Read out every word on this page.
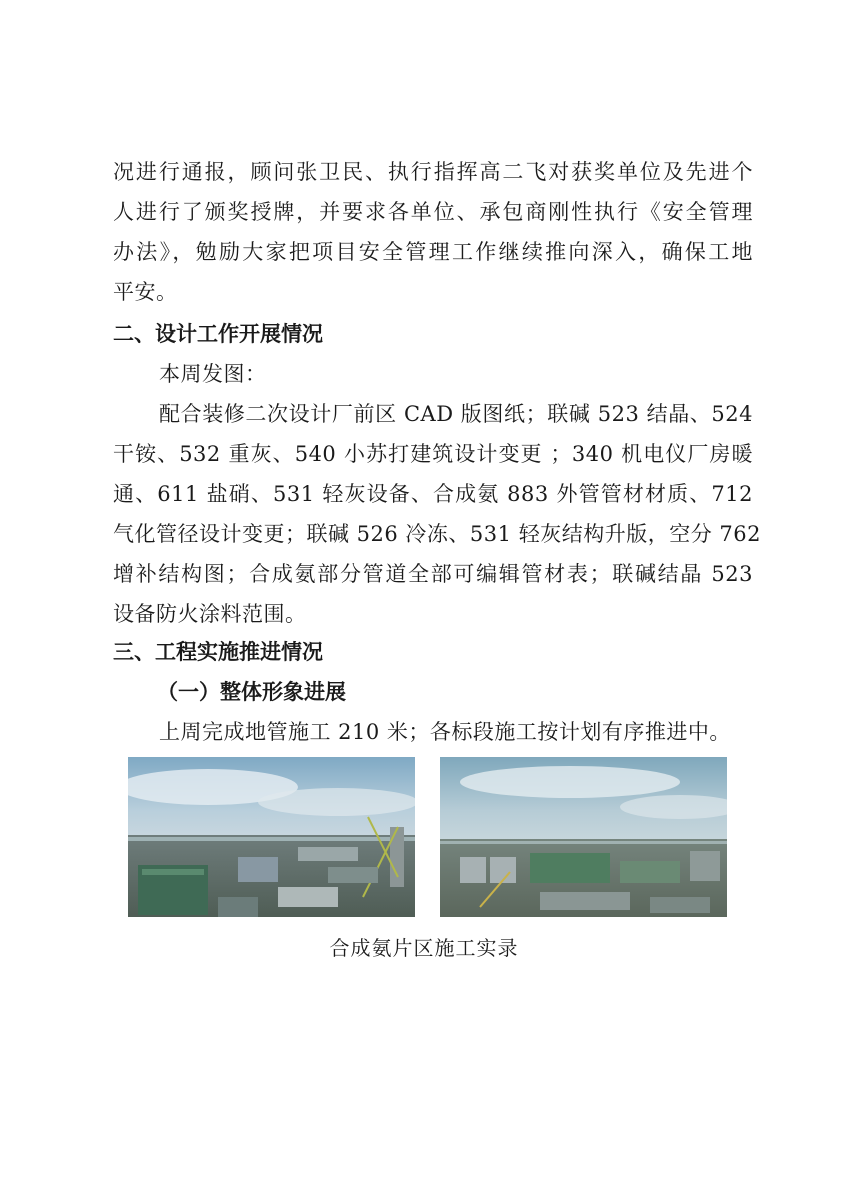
况进行通报，顾问张卫民、执行指挥高二飞对获奖单位及先进个
人进行了颁奖授牌，并要求各单位、承包商刚性执行《安全管理
办法》，勉励大家把项目安全管理工作继续推向深入，确保工地
平安。
二、设计工作开展情况
本周发图：
配合装修二次设计厂前区 CAD 版图纸；联碱 523 结晶、524
干铵、532 重灰、540 小苏打建筑设计变更 ；340 机电仪厂房暖
通、611 盐硝、531 轻灰设备、合成氨 883 外管管材材质、712
气化管径设计变更；联碱 526 冷冻、531 轻灰结构升版，空分 762
增补结构图；合成氨部分管道全部可编辑管材表；联碱结晶 523
设备防火涂料范围。
三、工程实施推进情况
（一）整体形象进展
上周完成地管施工 210 米；各标段施工按计划有序推进中。
合成氨片区施工实录
